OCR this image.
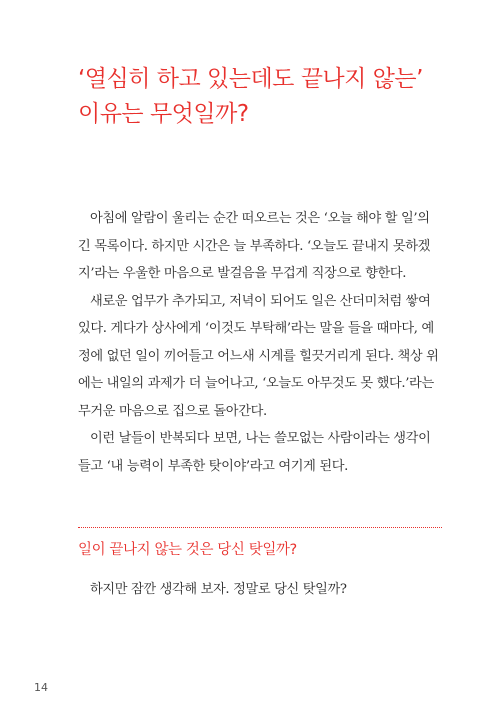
‘열심히 하고 있는데도 끝나지 않는’
이유는 무엇일까?
아침에 알람이 울리는 순간 떠오르는 것은 ‘오늘 해야 할 일’의
긴 목록이다. 하지만 시간은 늘 부족하다. ‘오늘도 끝내지 못하겠
지’라는 우울한 마음으로 발걸음을 무겁게 직장으로 향한다.
새로운 업무가 추가되고, 저녁이 되어도 일은 산더미처럼 쌓여
있다. 게다가 상사에게 ‘이것도 부탁해’라는 말을 들을 때마다, 예
정에 없던 일이 끼어들고 어느새 시계를 힐끗거리게 된다. 책상 위
에는 내일의 과제가 더 늘어나고, ‘오늘도 아무것도 못 했다.’라는
무거운 마음으로 집으로 돌아간다.
이런 날들이 반복되다 보면, 나는 쓸모없는 사람이라는 생각이
들고 ‘내 능력이 부족한 탓이야’라고 여기게 된다.
일이 끝나지 않는 것은 당신 탓일까?
하지만 잠깐 생각해 보자. 정말로 당신 탓일까?
14
